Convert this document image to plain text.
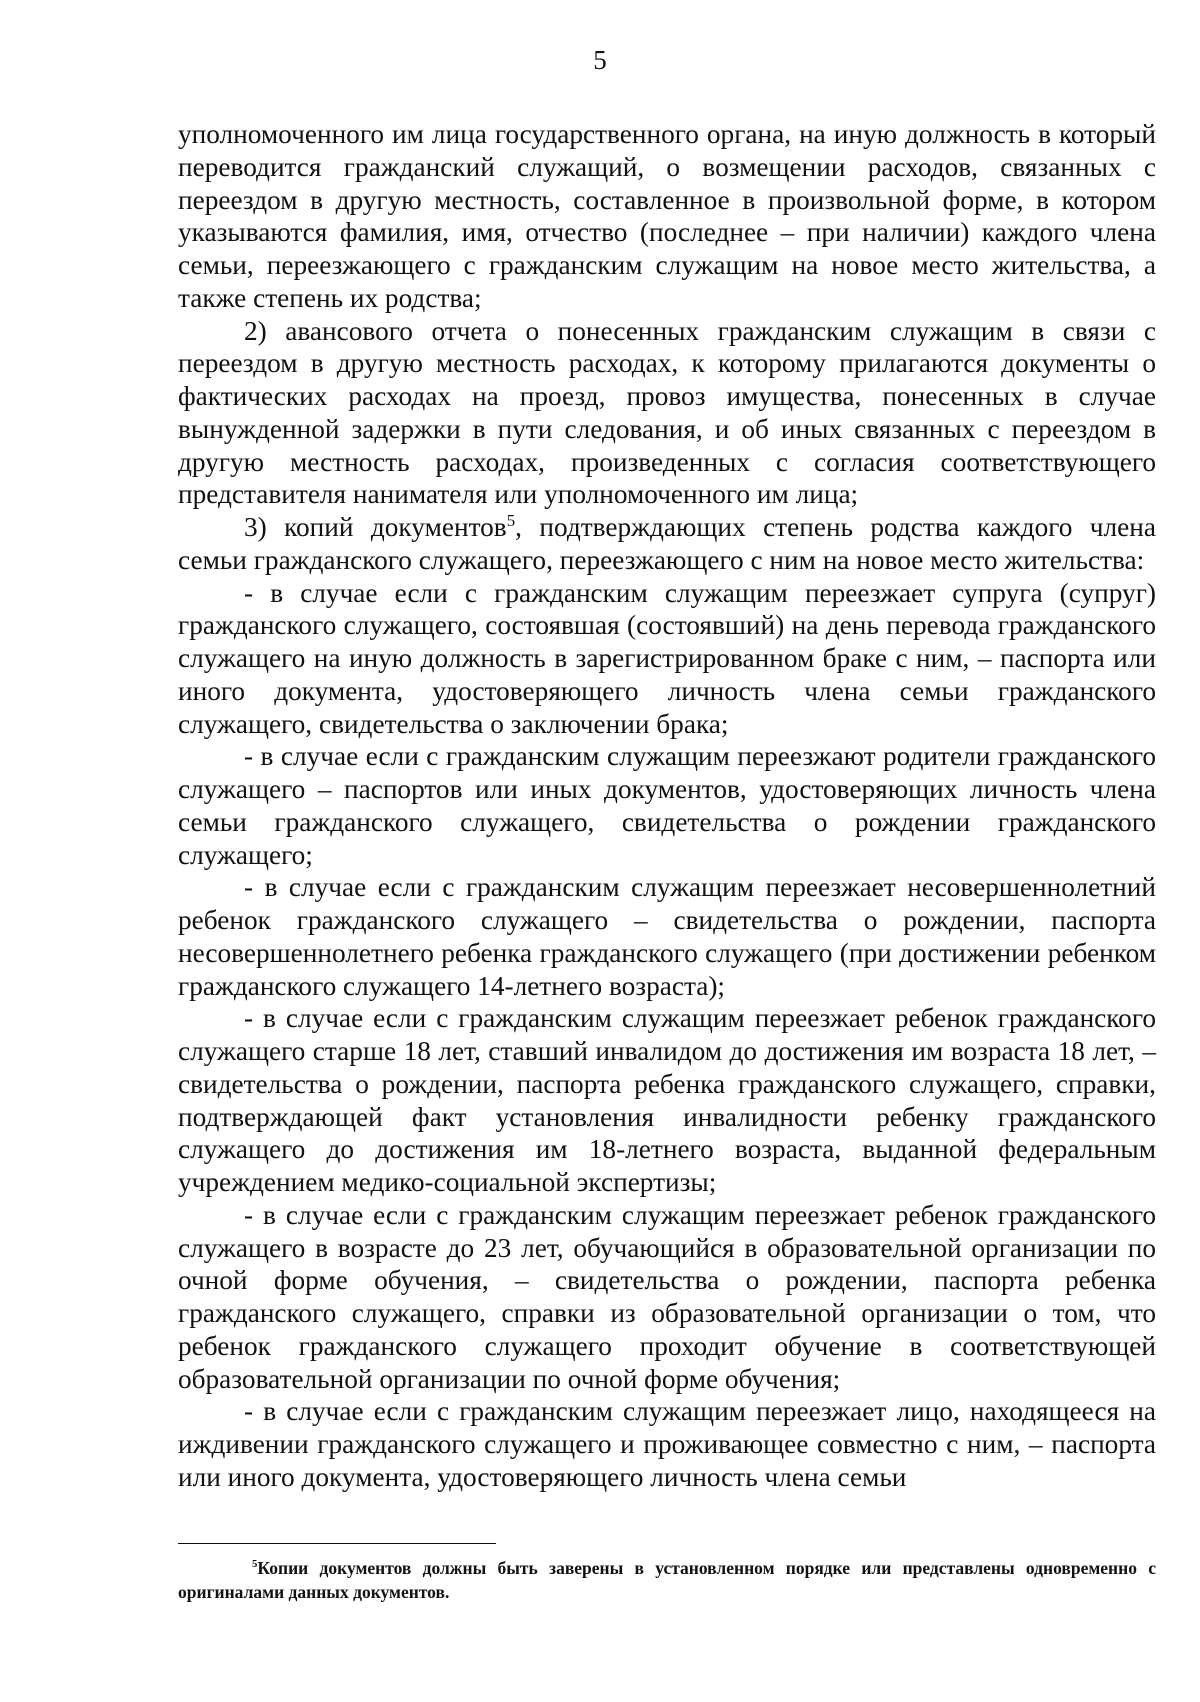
5

уполномоченного им лица государственного органа, на иную должность в который переводится гражданский служащий, о возмещении расходов, связанных с переездом в другую местность, составленное в произвольной форме, в котором указываются фамилия, имя, отчество (последнее – при наличии) каждого члена семьи, переезжающего с гражданским служащим на новое место жительства, а также степень их родства;

2) авансового отчета о понесенных гражданским служащим в связи с переездом в другую местность расходах, к которому прилагаются документы о фактических расходах на проезд, провоз имущества, понесенных в случае вынужденной задержки в пути следования, и об иных связанных с переездом в другую местность расходах, произведенных с согласия соответствующего представителя нанимателя или уполномоченного им лица;

3) копий документов$^5$, подтверждающих степень родства каждого члена семьи гражданского служащего, переезжающего с ним на новое место жительства:

- в случае если с гражданским служащим переезжает супруга (супруг) гражданского служащего, состоявшая (состоявший) на день перевода гражданского служащего на иную должность в зарегистрированном браке с ним, – паспорта или иного документа, удостоверяющего личность члена семьи гражданского служащего, свидетельства о заключении брака;

- в случае если с гражданским служащим переезжают родители гражданского служащего – паспортов или иных документов, удостоверяющих личность члена семьи гражданского служащего, свидетельства о рождении гражданского служащего;

- в случае если с гражданским служащим переезжает несовершеннолетний ребенок гражданского служащего – свидетельства о рождении, паспорта несовершеннолетнего ребенка гражданского служащего (при достижении ребенком гражданского служащего 14-летнего возраста);

- в случае если с гражданским служащим переезжает ребенок гражданского служащего старше 18 лет, ставший инвалидом до достижения им возраста 18 лет, – свидетельства о рождении, паспорта ребенка гражданского служащего, справки, подтверждающей факт установления инвалидности ребенку гражданского служащего до достижения им 18-летнего возраста, выданной федеральным учреждением медико-социальной экспертизы;

- в случае если с гражданским служащим переезжает ребенок гражданского служащего в возрасте до 23 лет, обучающийся в образовательной организации по очной форме обучения, – свидетельства о рождении, паспорта ребенка гражданского служащего, справки из образовательной организации о том, что ребенок гражданского служащего проходит обучение в соответствующей образовательной организации по очной форме обучения;

- в случае если с гражданским служащим переезжает лицо, находящееся на иждивении гражданского служащего и проживающее совместно с ним, – паспорта или иного документа, удостоверяющего личность члена семьи

$^5$Копии документов должны быть заверены в установленном порядке или представлены одновременно с оригиналами данных документов.
